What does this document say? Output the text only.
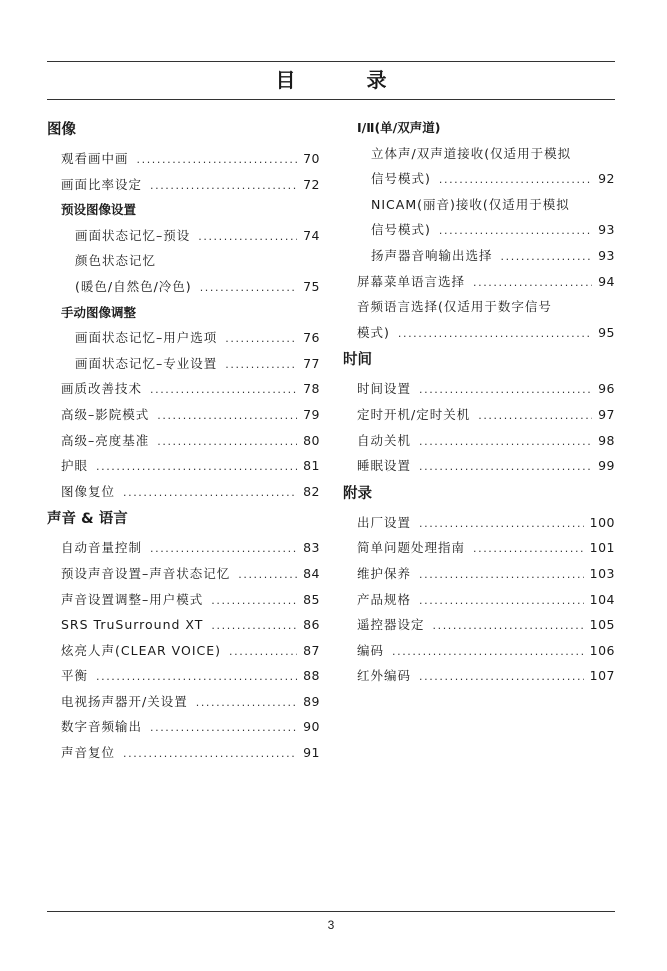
目 录
图像
观看画中画 .....	70
画面比率设定 .....	72
预设图像设置
画面状态记忆–预设 .....	74
颜色状态记忆
(暖色/自然色/冷色) .....	75
手动图像调整
画面状态记忆–用户选项 .....	76
画面状态记忆–专业设置 .....	77
画质改善技术 .....	78
高级–影院模式 .....	79
高级–亮度基准 .....	80
护眼 .....	81
图像复位 .....	82
声音 & 语言
自动音量控制 .....	83
预设声音设置–声音状态记忆 .....	84
声音设置调整–用户模式 .....	85
SRS TruSurround XT .....	86
炫亮人声(CLEAR VOICE) .....	87
平衡 .....	88
电视扬声器开/关设置 .....	89
数字音频输出 .....	90
声音复位 .....	91
Ⅰ/Ⅱ(单/双声道)
立体声/双声道接收(仅适用于模拟
信号模式) .....	92
NICAM(丽音)接收(仅适用于模拟
信号模式) .....	93
扬声器音响输出选择 .....	93
屏幕菜单语言选择 .....	94
音频语言选择(仅适用于数字信号
模式) .....	95
时间
时间设置 .....	96
定时开机/定时关机 .....	97
自动关机 .....	98
睡眠设置 .....	99
附录
出厂设置 .....	100
简单问题处理指南 .....	101
维护保养 .....	103
产品规格 .....	104
遥控器设定 .....	105
编码 .....	106
红外编码 .....	107
3
